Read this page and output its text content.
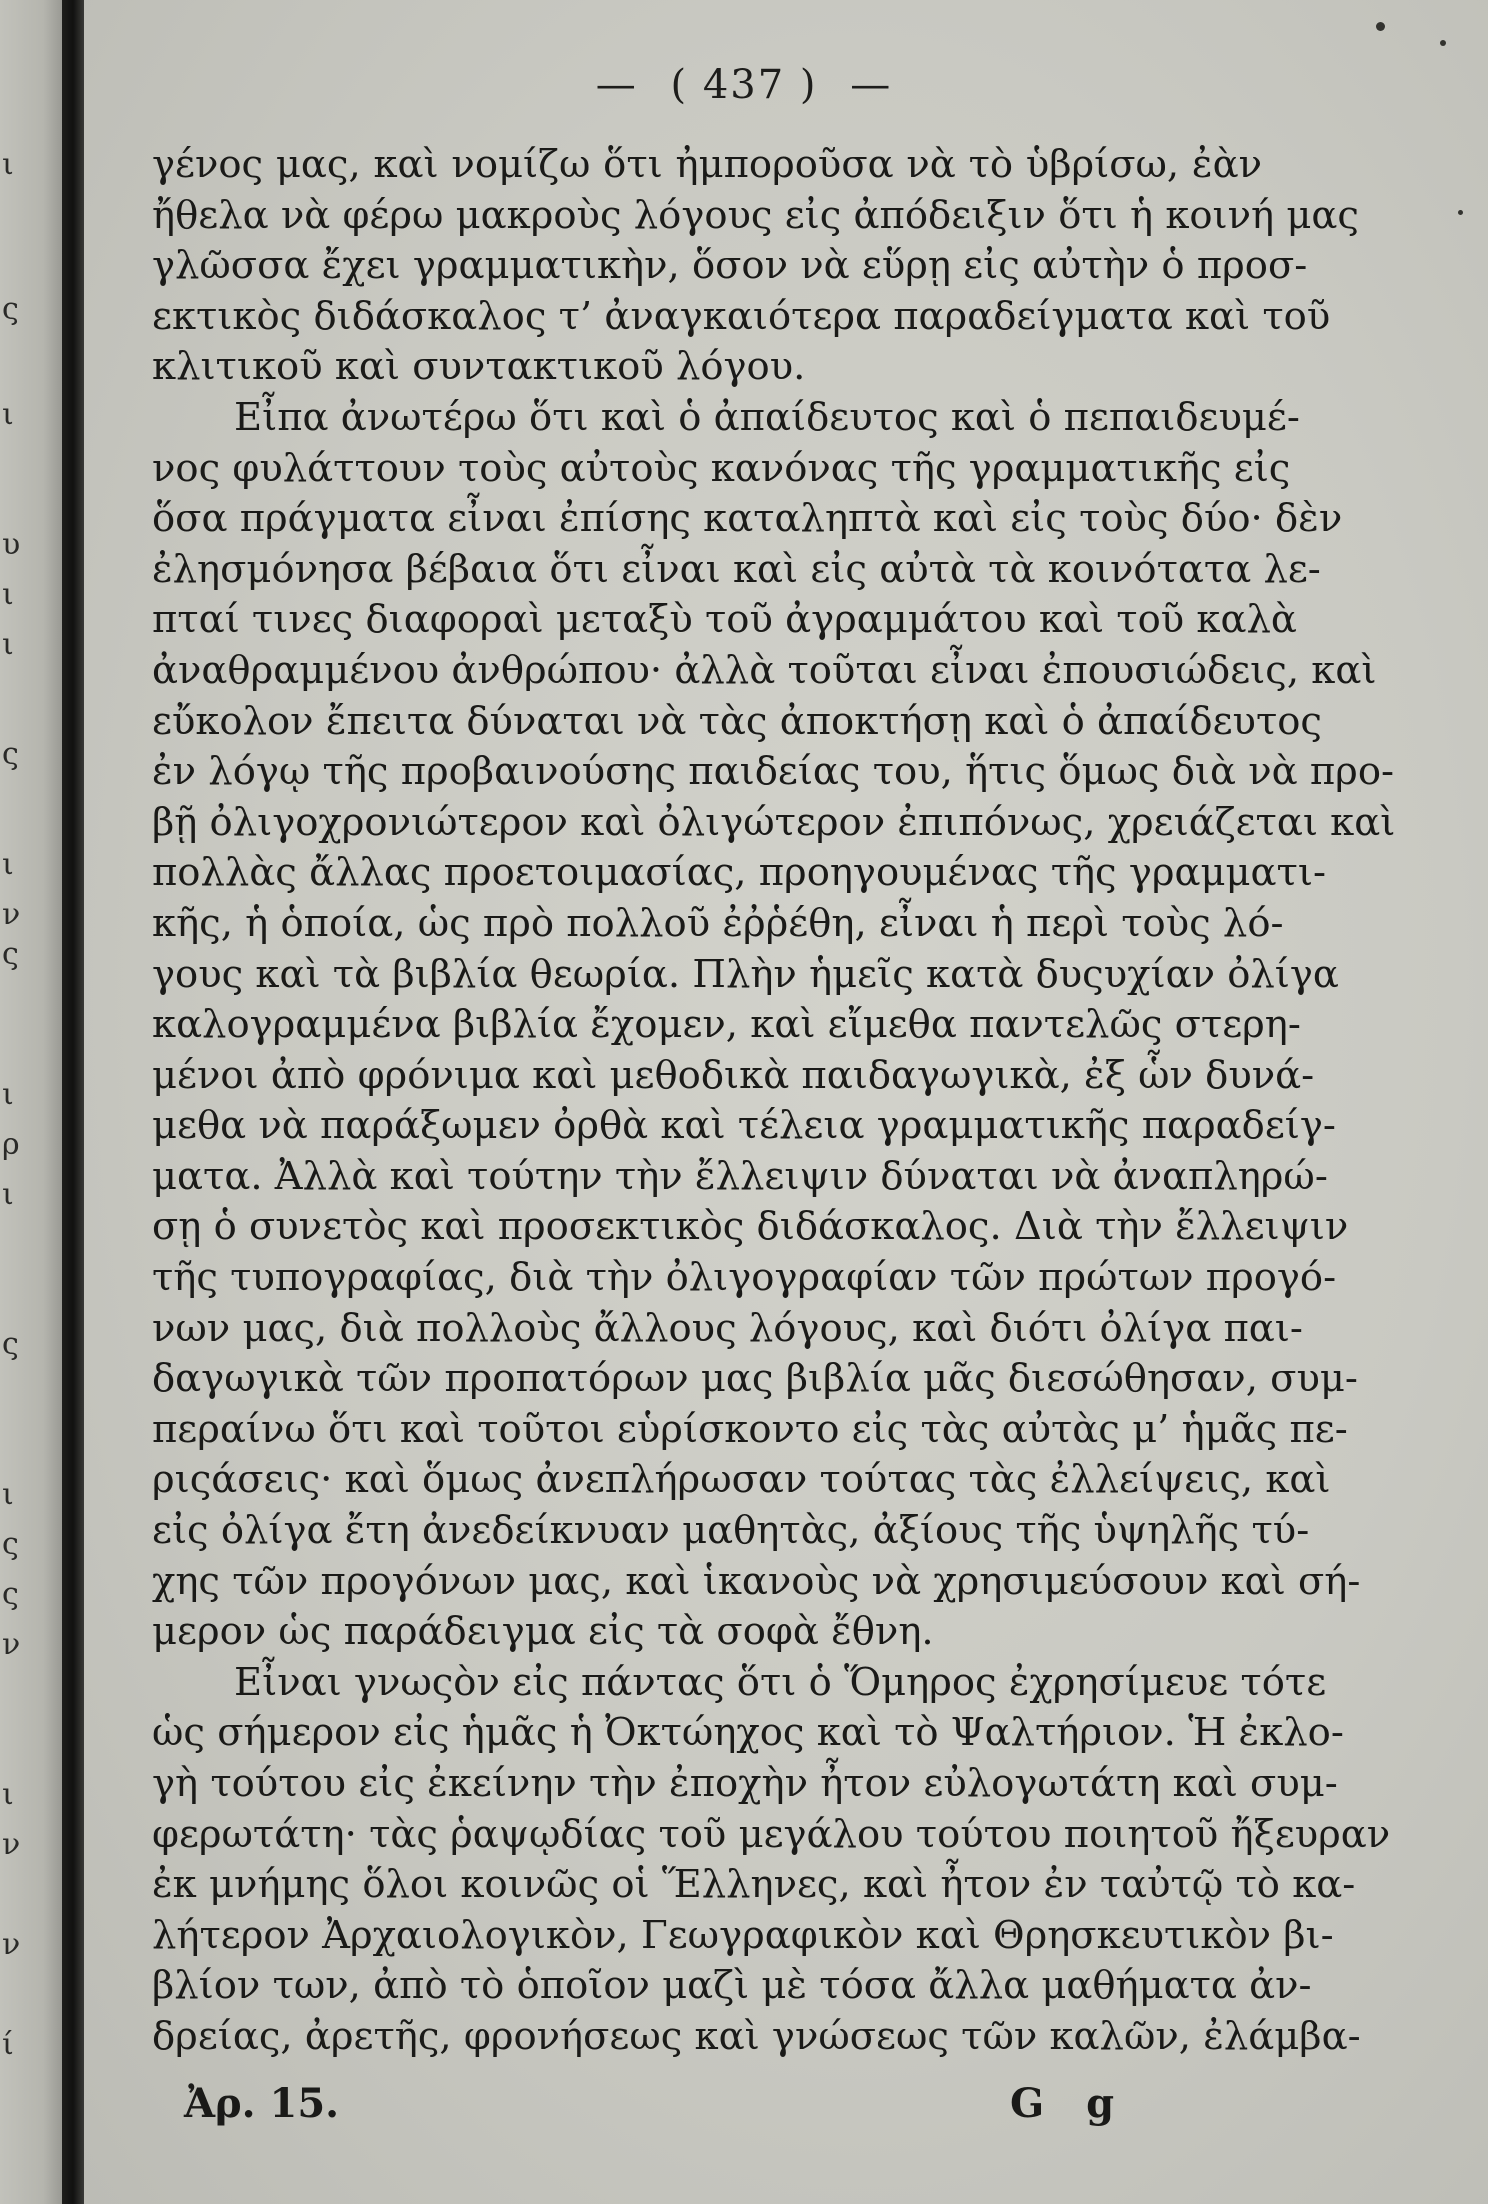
ι
ς
ι
υ
ι
ι
ς
ι
ν
ς
ι
ρ
ι
ς
ι
ς
ς
ν
ι
ν
ν
ί
— ( 437 ) —

γένος μας, καὶ νομίζω ὅτι ἠμποροῦσα νὰ τὸ ὑβρίσω, ἐὰν
ἤθελα νὰ φέρω μακροὺς λόγους εἰς ἀπόδειξιν ὅτι ἡ κοινή μας
γλῶσσα ἔχει γραμματικὴν, ὅσον νὰ εὕρῃ εἰς αὐτὴν ὁ προσ-
εκτικὸς διδάσκαλος τ’ ἀναγκαιότερα παραδείγματα καὶ τοῦ
κλιτικοῦ καὶ συντακτικοῦ λόγου.

Εἶπα ἀνωτέρω ὅτι καὶ ὁ ἀπαίδευτος καὶ ὁ πεπαιδευμέ-
νος φυλάττουν τοὺς αὐτοὺς κανόνας τῆς γραμματικῆς εἰς
ὅσα πράγματα εἶναι ἐπίσης καταληπτὰ καὶ εἰς τοὺς δύο· δὲν
ἐλησμόνησα βέβαια ὅτι εἶναι καὶ εἰς αὐτὰ τὰ κοινότατα λε-
πταί τινες διαφοραὶ μεταξὺ τοῦ ἀγραμμάτου καὶ τοῦ καλὰ
ἀναθραμμένου ἀνθρώπου· ἀλλὰ τοῦται εἶναι ἐπουσιώδεις, καὶ
εὔκολον ἔπειτα δύναται νὰ τὰς ἀποκτήσῃ καὶ ὁ ἀπαίδευτος
ἐν λόγῳ τῆς προβαινούσης παιδείας του, ἥτις ὅμως διὰ νὰ προ-
βῇ ὀλιγοχρονιώτερον καὶ ὀλιγώτερον ἐπιπόνως, χρειάζεται καὶ
πολλὰς ἄλλας προετοιμασίας, προηγουμένας τῆς γραμματι-
κῆς, ἡ ὁποία, ὡς πρὸ πολλοῦ ἐῤῥέθη, εἶναι ἡ περὶ τοὺς λό-
γους καὶ τὰ βιβλία θεωρία. Πλὴν ἡμεῖς κατὰ δυςυχίαν ὀλίγα
καλογραμμένα βιβλία ἔχομεν, καὶ εἴμεθα παντελῶς στερη-
μένοι ἀπὸ φρόνιμα καὶ μεθοδικὰ παιδαγωγικὰ, ἐξ ὧν δυνά-
μεθα νὰ παράξωμεν ὀρθὰ καὶ τέλεια γραμματικῆς παραδείγ-
ματα. Ἀλλὰ καὶ τούτην τὴν ἔλλειψιν δύναται νὰ ἀναπληρώ-
σῃ ὁ συνετὸς καὶ προσεκτικὸς διδάσκαλος. Διὰ τὴν ἔλλειψιν
τῆς τυπογραφίας, διὰ τὴν ὀλιγογραφίαν τῶν πρώτων προγό-
νων μας, διὰ πολλοὺς ἄλλους λόγους, καὶ διότι ὀλίγα παι-
δαγωγικὰ τῶν προπατόρων μας βιβλία μᾶς διεσώθησαν, συμ-
περαίνω ὅτι καὶ τοῦτοι εὑρίσκοντο εἰς τὰς αὐτὰς μ’ ἡμᾶς πε-
ριςάσεις· καὶ ὅμως ἀνεπλήρωσαν τούτας τὰς ἐλλείψεις, καὶ
εἰς ὀλίγα ἔτη ἀνεδείκνυαν μαθητὰς, ἀξίους τῆς ὑψηλῆς τύ-
χης τῶν προγόνων μας, καὶ ἱκανοὺς νὰ χρησιμεύσουν καὶ σή-
μερον ὡς παράδειγμα εἰς τὰ σοφὰ ἔθνη.

Εἶναι γνωςὸν εἰς πάντας ὅτι ὁ Ὅμηρος ἐχρησίμευε τότε
ὡς σήμερον εἰς ἡμᾶς ἡ Ὀκτώηχος καὶ τὸ Ψαλτήριον. Ἡ ἐκλο-
γὴ τούτου εἰς ἐκείνην τὴν ἐποχὴν ἦτον εὐλογωτάτη καὶ συμ-
φερωτάτη· τὰς ῥαψῳδίας τοῦ μεγάλου τούτου ποιητοῦ ἤξευραν
ἐκ μνήμης ὅλοι κοινῶς οἱ Ἕλληνες, καὶ ἦτον ἐν ταὐτῷ τὸ κα-
λήτερον Ἀρχαιολογικὸν, Γεωγραφικὸν καὶ Θρησκευτικὸν βι-
βλίον των, ἀπὸ τὸ ὁποῖον μαζὶ μὲ τόσα ἄλλα μαθήματα ἀν-
δρείας, ἀρετῆς, φρονήσεως καὶ γνώσεως τῶν καλῶν, ἐλάμβα-

Ἀρ. 15.	G g
